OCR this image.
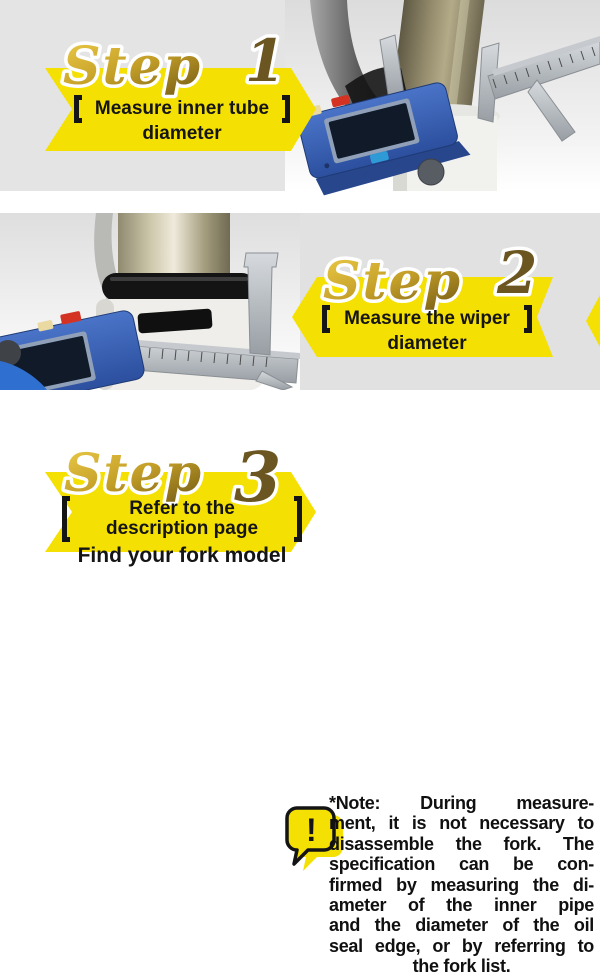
Step 1
Measure inner tube
diameter
Step 2
Measure the wiper
diameter
Step 3
!
Refer to the
description page
Find your fork model
*Note: During measure-
ment, it is not necessary to
disassemble the fork. The
specification can be con-
firmed by measuring the di-
ameter of the inner pipe
and the diameter of the oil
seal edge, or by referring to
the fork list.
